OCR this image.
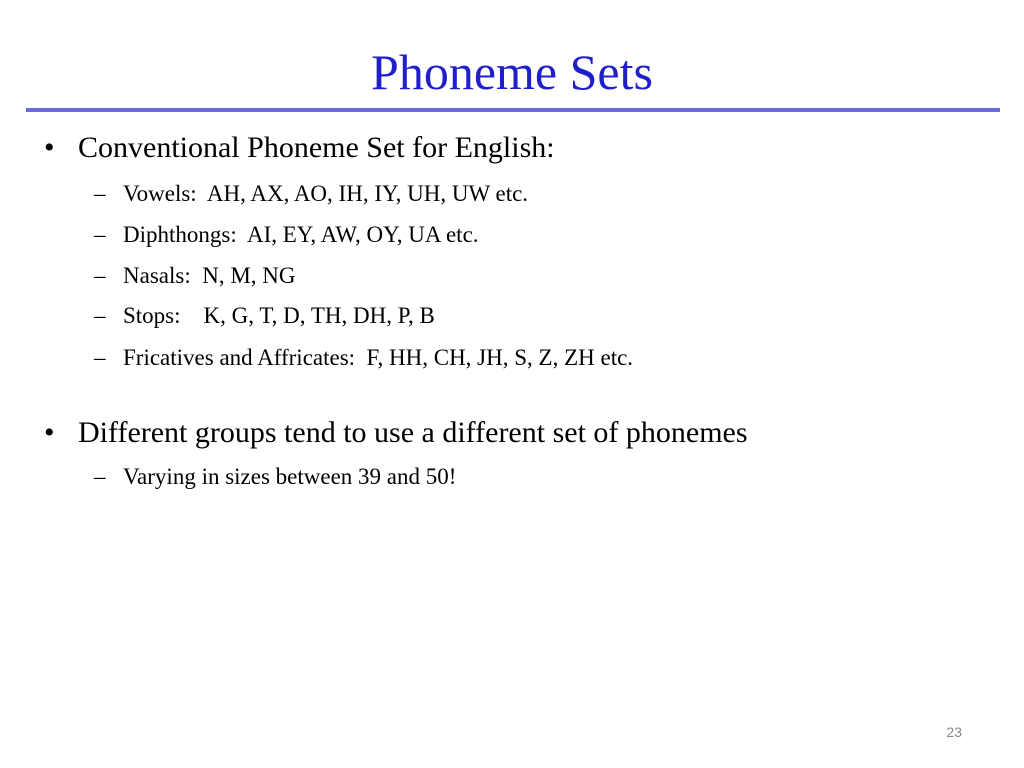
Phoneme Sets
• Conventional Phoneme Set for English:
– Vowels:  AH, AX, AO, IH, IY, UH, UW etc.
– Diphthongs:  AI, EY, AW, OY, UA etc.
– Nasals:  N, M, NG
– Stops:    K, G, T, D, TH, DH, P, B
– Fricatives and Affricates:  F, HH, CH, JH, S, Z, ZH etc.
• Different groups tend to use a different set of phonemes
– Varying in sizes between 39 and 50!
23
